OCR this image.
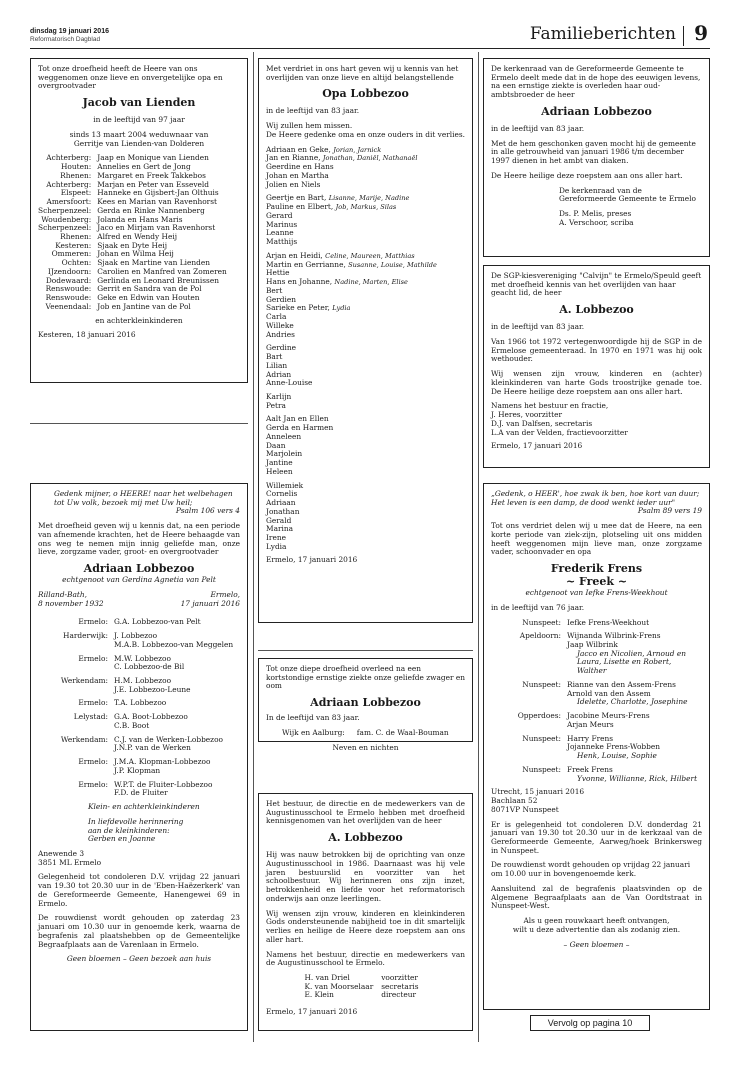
dinsdag 19 januari 2016
Reformatorisch Dagblad	Familieberichten 9

Tot onze droefheid heeft de Heere van ons weggenomen onze lieve en onvergetelijke opa en overgrootvader

Jacob van Lienden

in de leeftijd van 97 jaar

sinds 13 maart 2004 weduwnaar van

Gerritje van Lienden-van Dolderen

Achterberg:	Jaap en Monique van Lienden
Houten:	Annelies en Gert de Jong
Rhenen:	Margaret en Freek Takkebos
Achterberg:	Marjan en Peter van Esseveld
Elspeet:	Hanneke en Gijsbert-Jan Olthuis
Amersfoort:	Kees en Marian van Ravenhorst
Scherpenzeel:	Gerda en Rinke Nannenberg
Woudenberg:	Jolanda en Hans Maris
Scherpenzeel:	Jaco en Mirjam van Ravenhorst
Rhenen:	Alfred en Wendy Heij
Kesteren:	Sjaak en Dyte Heij
Ommeren:	Johan en Wilma Heij
Ochten:	Sjaak en Martine van Lienden
IJzendoorn:	Carolien en Manfred van Zomeren
Dodewaard:	Gerlinda en Leonard Breunissen
Renswoude:	Gerrit en Sandra van de Pol
Renswoude:	Geke en Edwin van Houten
Veenendaal:	Job en Jantine van de Pol

en achterkleinkinderen

Kesteren, 18 januari 2016

Met verdriet in ons hart geven wij u kennis van het overlijden van onze lieve en altijd belangstellende

Opa Lobbezoo

in de leeftijd van 83 jaar.

Wij zullen hem missen.

De Heere gedenke oma en onze ouders in dit verlies.

Adriaan en Geke, Jorian, Jarnick

Jan en Rianne, Jonathan, Daniël, Nathanaël

Geerdine en Hans

Johan en Martha

Jolien en Niels

Geertje en Bart, Lisanne, Marije, Nadine

Pauline en Elbert, Job, Markus, Silas

Gerard

Marinus

Leanne

Matthijs

Arjan en Heidi, Celine, Maureen, Matthias

Martin en Gerrianne, Susanne, Louise, Mathilde

Hettie

Hans en Johanne, Nadine, Marten, Elise

Bert

Gerdien

Sarieke en Peter, Lydia

Carla

Willeke

Andries

Gerdine

Bart

Lilian

Adrian

Anne-Louise

Karlijn

Petra

Aalt Jan en Ellen

Gerda en Harmen

Anneleen

Daan

Marjolein

Jantine

Heleen

Willemiek

Cornelis

Adriaan

Jonathan

Gerald

Marina

Irene

Lydia

Ermelo, 17 januari 2016

De kerkenraad van de Gereformeerde Gemeente te Ermelo deelt mede dat in de hope des eeuwigen levens, na een ernstige ziekte is overleden haar oud-ambtsbroeder de heer

Adriaan Lobbezoo

in de leeftijd van 83 jaar.

Met de hem geschonken gaven mocht hij de gemeente in alle getrouwheid van januari 1986 t/m december 1997 dienen in het ambt van diaken.

De Heere heilige deze roepstem aan ons aller hart.

De kerkenraad van de

Gereformeerde Gemeente te Ermelo

Ds. P. Melis, preses

A. Verschoor, scriba

De SGP-kiesvereniging "Calvijn" te Ermelo/Speuld geeft met droefheid kennis van het overlijden van haar geacht lid, de heer

A. Lobbezoo

in de leeftijd van 83 jaar.

Van 1966 tot 1972 vertegenwoordigde hij de SGP in de Ermelose gemeenteraad. In 1970 en 1971 was hij ook wethouder.

Wij wensen zijn vrouw, kinderen en (achter) kleinkinderen van harte Gods troostrijke genade toe. De Heere heilige deze roepstem aan ons aller hart.

Namens het bestuur en fractie,

J. Heres, voorzitter

D.J. van Dalfsen, secretaris

L.A van der Velden, fractievoorzitter

Ermelo, 17 januari 2016

Gedenk mijner, o HEERE! naar het welbehagen

tot Uw volk, bezoek mij met Uw heil;

Psalm 106 vers 4

Met droefheid geven wij u kennis dat, na een periode van afnemende krachten, het de Heere behaagde van ons weg te nemen mijn innig geliefde man, onze lieve, zorgzame vader, groot- en overgrootvader

Adriaan Lobbezoo

echtgenoot van Gerdina Agnetia van Pelt

Rilland-Bath,	Ermelo,
8 november 1932	17 januari 2016
Ermelo: G.A. Lobbezoo-van Pelt
Harderwijk: J. Lobbezoo
M.A.B. Lobbezoo-van Meggelen
Ermelo: M.W. Lobbezoo
C. Lobbezoo-de Bil
Werkendam: H.M. Lobbezoo
J.E. Lobbezoo-Leune
Ermelo: T.A. Lobbezoo
Lelystad: G.A. Boot-Lobbezoo
C.B. Boot
Werkendam: C.J. van de Werken-Lobbezoo
J.N.P. van de Werken
Ermelo: J.M.A. Klopman-Lobbezoo
J.P. Klopman
Ermelo: W.P.T. de Fluiter-Lobbezoo
F.D. de Fluiter

Klein- en achterkleinkinderen

In liefdevolle herinnering

aan de kleinkinderen:

Gerben en Joanne

Anewende 3

3851 ML Ermelo

Gelegenheid tot condoleren D.V. vrijdag 22 januari van 19.30 tot 20.30 uur in de 'Eben-Haëzerkerk' van de Gereformeerde Gemeente, Hanengewei 69 in Ermelo.

De rouwdienst wordt gehouden op zaterdag 23 januari om 10.30 uur in genoemde kerk, waarna de begrafenis zal plaatshebben op de Gemeentelijke Begraafplaats aan de Varenlaan in Ermelo.

Geen bloemen – Geen bezoek aan huis

Tot onze diepe droefheid overleed na een kortstondige ernstige ziekte onze geliefde zwager en oom

Adriaan Lobbezoo

In de leeftijd van 83 jaar.

Wijk en Aalburg: fam. C. de Waal-Bouman

Neven en nichten

Het bestuur, de directie en de medewerkers van de Augustinusschool te Ermelo hebben met droefheid kennisgenomen van het overlijden van de heer

A. Lobbezoo

Hij was nauw betrokken bij de oprichting van onze Augustinusschool in 1986. Daarnaast was hij vele jaren bestuurslid en voorzitter van het schoolbestuur. Wij herinneren ons zijn inzet, betrokkenheid en liefde voor het reformatorisch onderwijs aan onze leerlingen.

Wij wensen zijn vrouw, kinderen en kleinkinderen Gods ondersteunende nabijheid toe in dit smartelijk verlies en heilige de Heere deze roepstem aan ons aller hart.

Namens het bestuur, directie en medewerkers van de Augustinusschool te Ermelo.

H. van Driel	voorzitter
K. van Moorselaar	secretaris
E. Klein	directeur

Ermelo, 17 januari 2016

„Gedenk, o HEER', hoe zwak ik ben, hoe kort van duur;

Het leven is een damp, de dood wenkt ieder uur"

Psalm 89 vers 19

Tot ons verdriet delen wij u mee dat de Heere, na een korte periode van ziek-zijn, plotseling uit ons midden heeft weggenomen mijn lieve man, onze zorgzame vader, schoonvader en opa

Frederik Frens
~ Freek ~

echtgenoot van Iefke Frens-Weekhout

in de leeftijd van 76 jaar.

Nunspeet: Iefke Frens-Weekhout
Apeldoorn: Wijnanda Wilbrink-Frens
Jaap Wilbrink
Jacco en Nicolien, Arnoud en Laura, Lisette en Robert, Walther
Nunspeet: Rianne van den Assem-Frens
Arnold van den Assem
Idelette, Charlotte, Josephine
Opperdoes: Jacobine Meurs-Frens
Arjan Meurs
Nunspeet: Harry Frens
Jojanneke Frens-Wobben
Henk, Louise, Sophie
Nunspeet: Freek Frens
Yvonne, Willianne, Rick, Hilbert

Utrecht, 15 januari 2016

Bachlaan 52

8071VP Nunspeet

Er is gelegenheid tot condoleren D.V. donderdag 21 januari van 19.30 tot 20.30 uur in de kerkzaal van de Gereformeerde Gemeente, Aarweg/hoek Brinkersweg in Nunspeet.

De rouwdienst wordt gehouden op vrijdag 22 januari om 10.00 uur in bovengenoemde kerk.

Aansluitend zal de begrafenis plaatsvinden op de Algemene Begraafplaats aan de Van Oordtstraat in Nunspeet-West.

Als u geen rouwkaart heeft ontvangen,

wilt u deze advertentie dan als zodanig zien.

– Geen bloemen –

Vervolg op pagina 10
